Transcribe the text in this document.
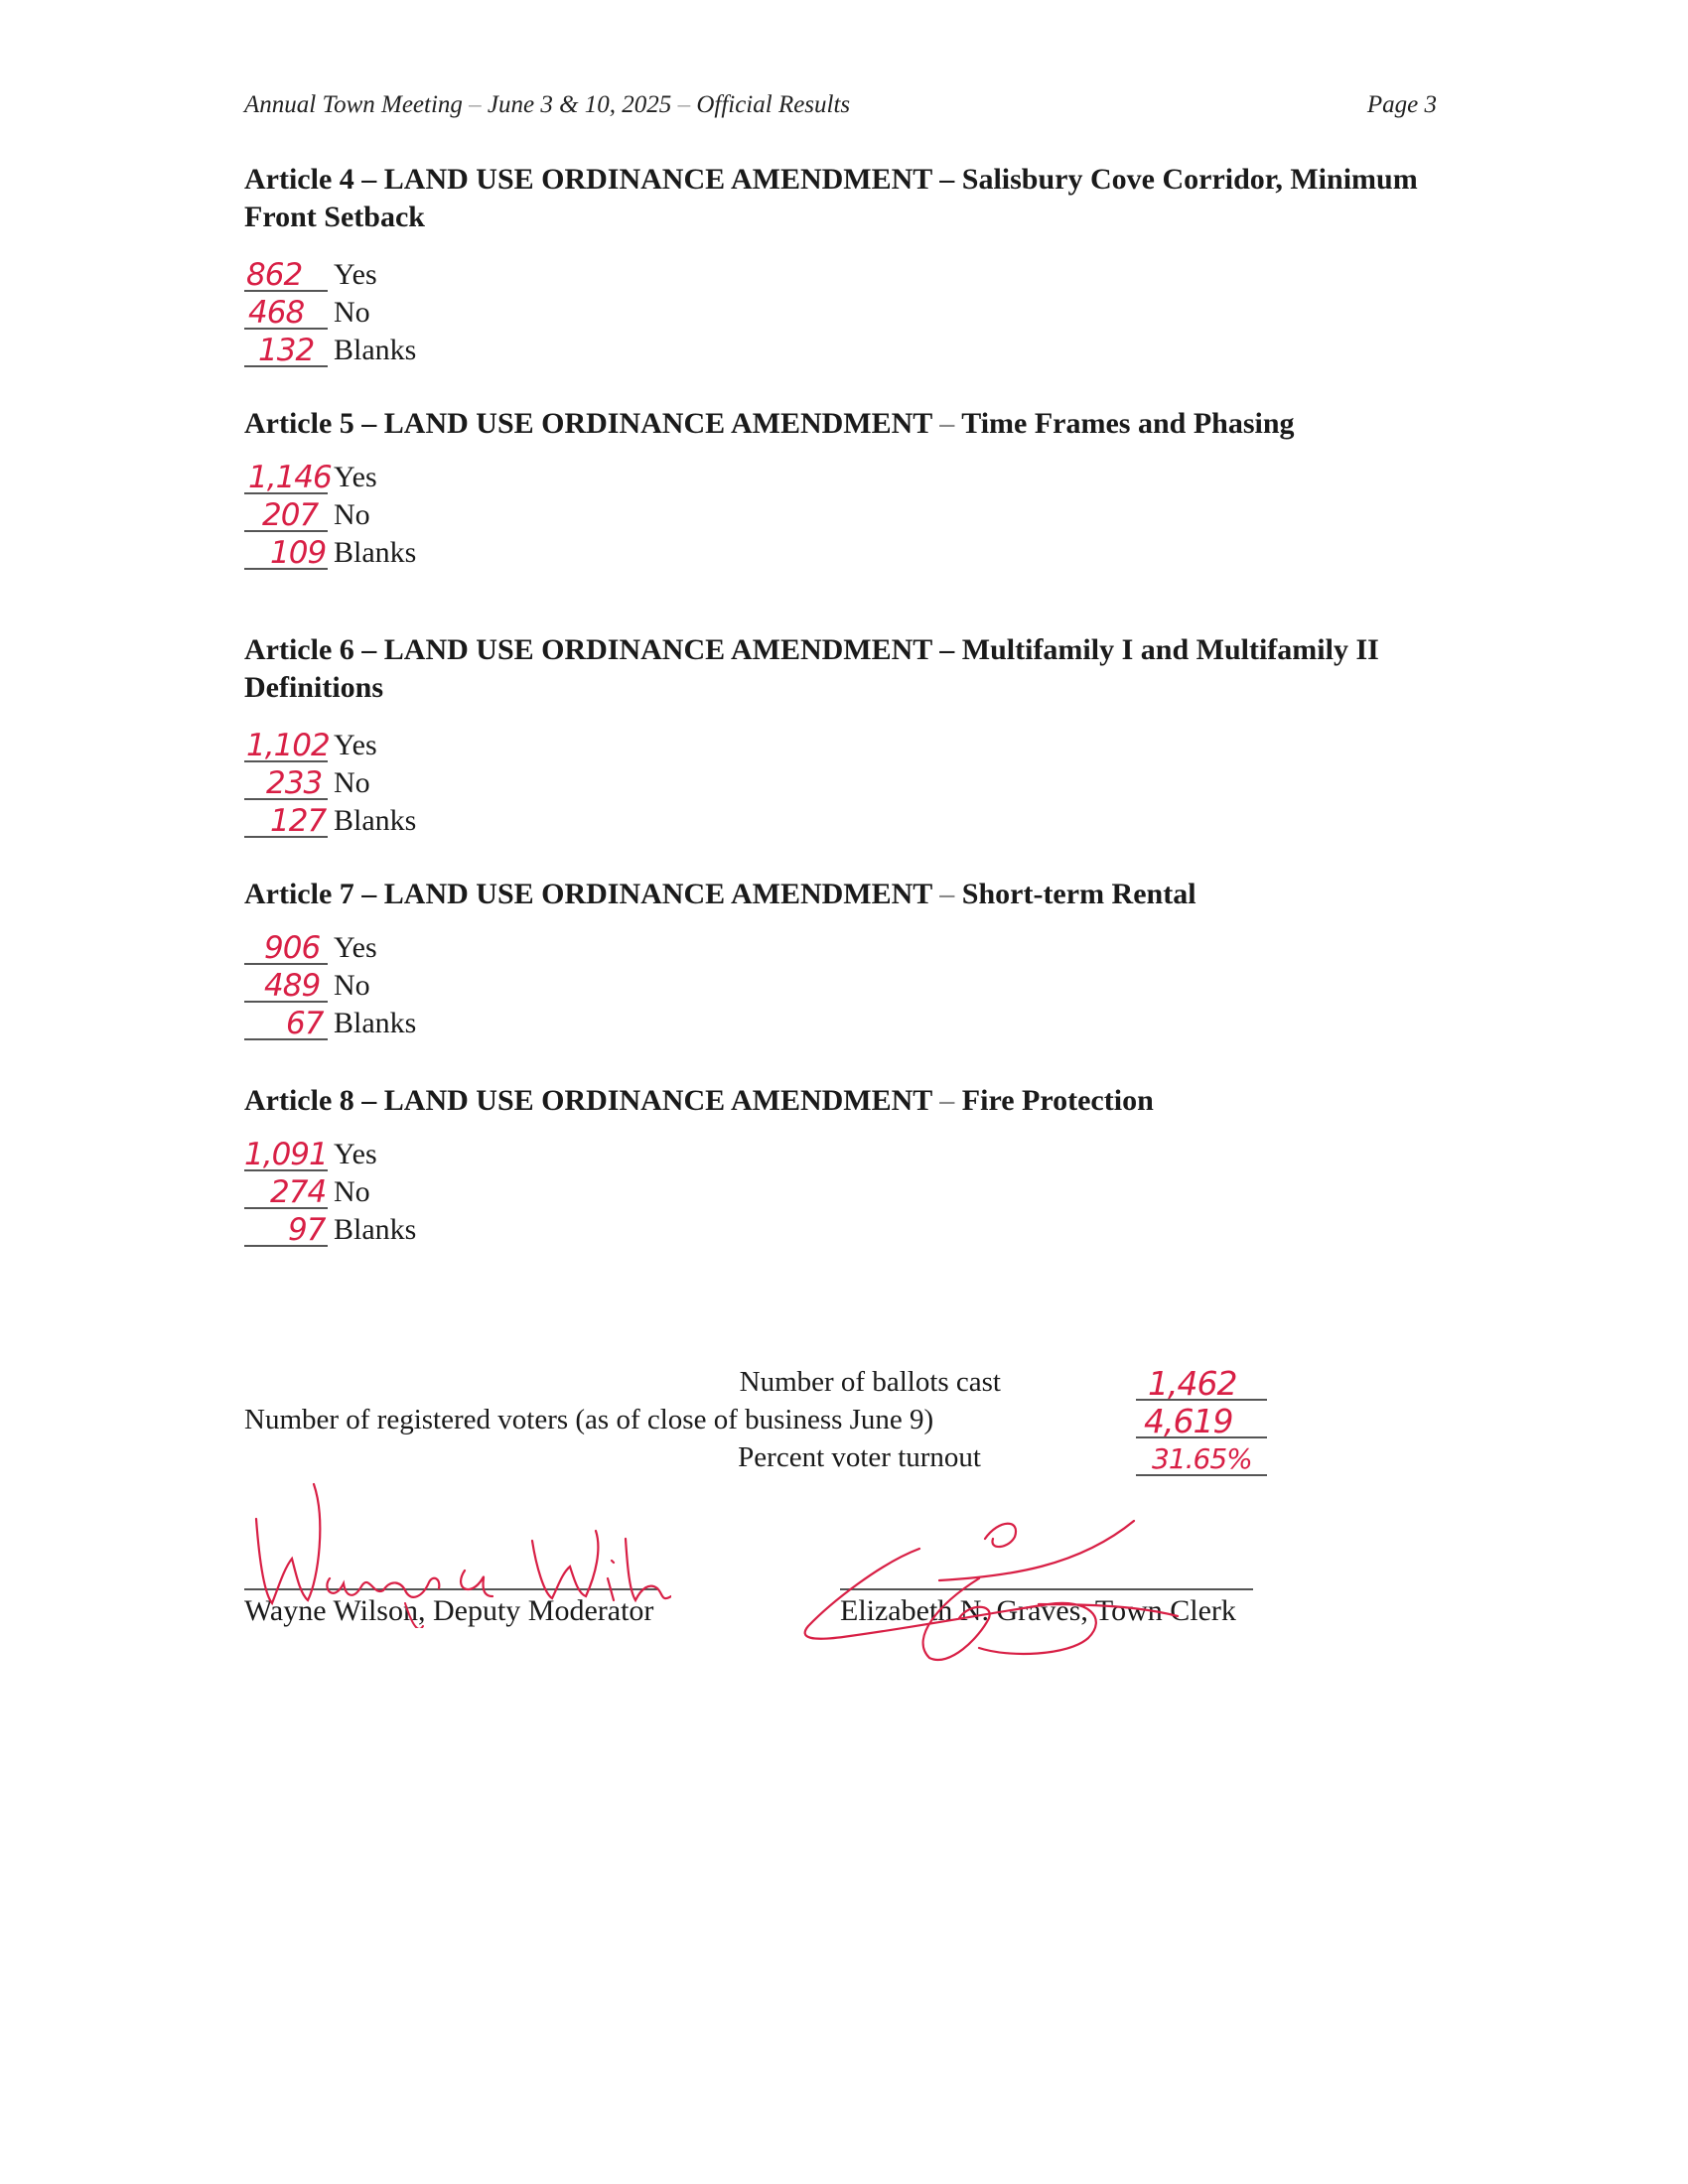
Annual Town Meeting – June 3 & 10, 2025 – Official Results	Page 3

Article 4 – LAND USE ORDINANCE AMENDMENT – Salisbury Cove Corridor, Minimum Front Setback

862 Yes
468 No
132 Blanks

Article 5 – LAND USE ORDINANCE AMENDMENT – Time Frames and Phasing

1,146 Yes
207 No
109 Blanks

Article 6 – LAND USE ORDINANCE AMENDMENT – Multifamily I and Multifamily II Definitions

1,102 Yes
233 No
127 Blanks

Article 7 – LAND USE ORDINANCE AMENDMENT – Short-term Rental

906 Yes
489 No
67 Blanks

Article 8 – LAND USE ORDINANCE AMENDMENT – Fire Protection

1,091 Yes
274 No
97 Blanks
Number of ballots cast	1,462
Number of registered voters (as of close of business June 9)	4,619
Percent voter turnout	31.65%
Wayne Wilson, Deputy Moderator	Elizabeth N. Graves, Town Clerk
